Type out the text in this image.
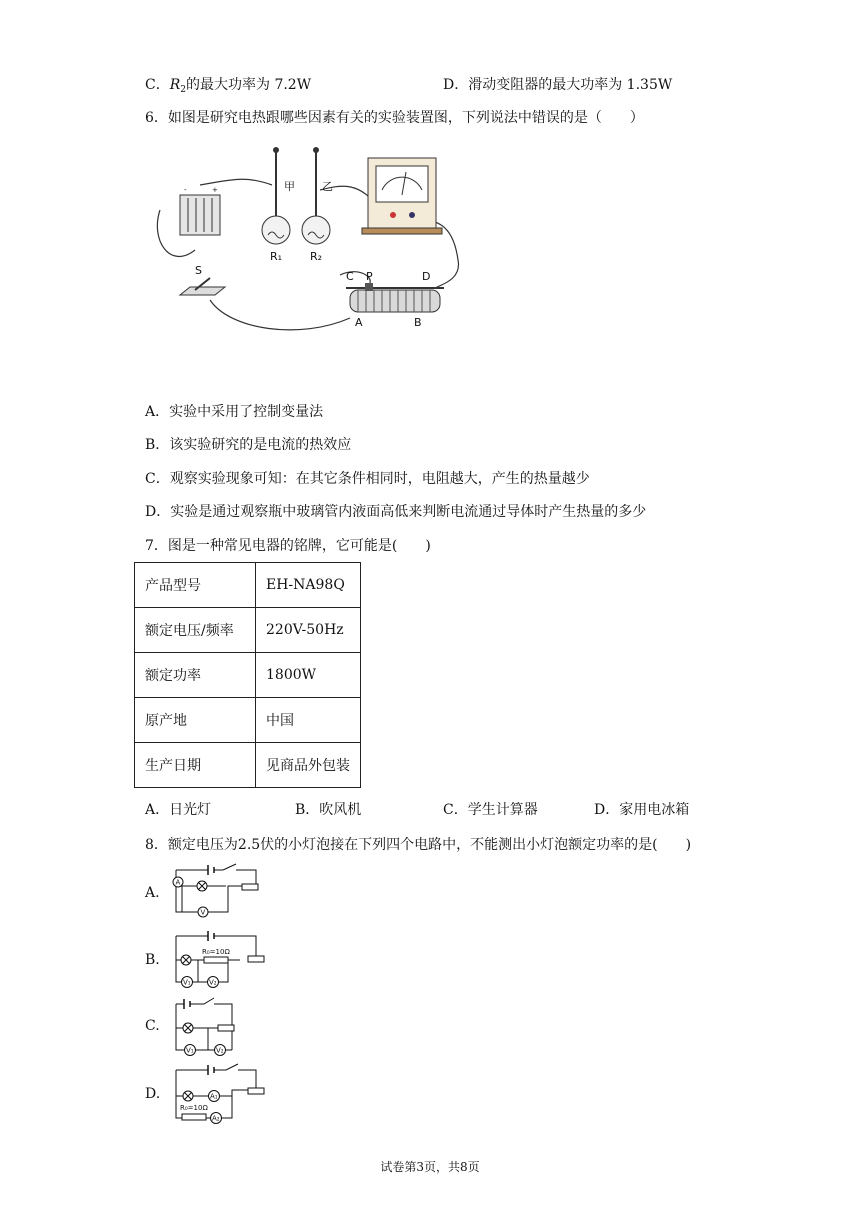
C．$R_2$的最大功率为 7.2W	D．滑动变阻器的最大功率为 1.35W
6．如图是研究电热跟哪些因素有关的实验装置图，下列说法中错误的是（　　）
-	+	甲 乙
R₁	R₂
S	C P	D
A	B
A．实验中采用了控制变量法
B．该实验研究的是电流的热效应
C．观察实验现象可知：在其它条件相同时，电阻越大，产生的热量越少
D．实验是通过观察瓶中玻璃管内液面高低来判断电流通过导体时产生热量的多少
7．图是一种常见电器的铭牌，它可能是(　　)
产品型号	EH-NA98Q
额定电压/频率	220V-50Hz
额定功率	1800W
原产地	中国
生产日期	见商品外包装
A．日光灯	B．吹风机	C．学生计算器	D．家用电冰箱
8．额定电压为2.5伏的小灯泡接在下列四个电路中，不能测出小灯泡额定功率的是(　　)
A.
A
V
B.	R₀=10Ω
V₁	V₂
C.
V₁	V₂
D.	A₁
R₀=10Ω
A₂
试卷第3页，共8页
